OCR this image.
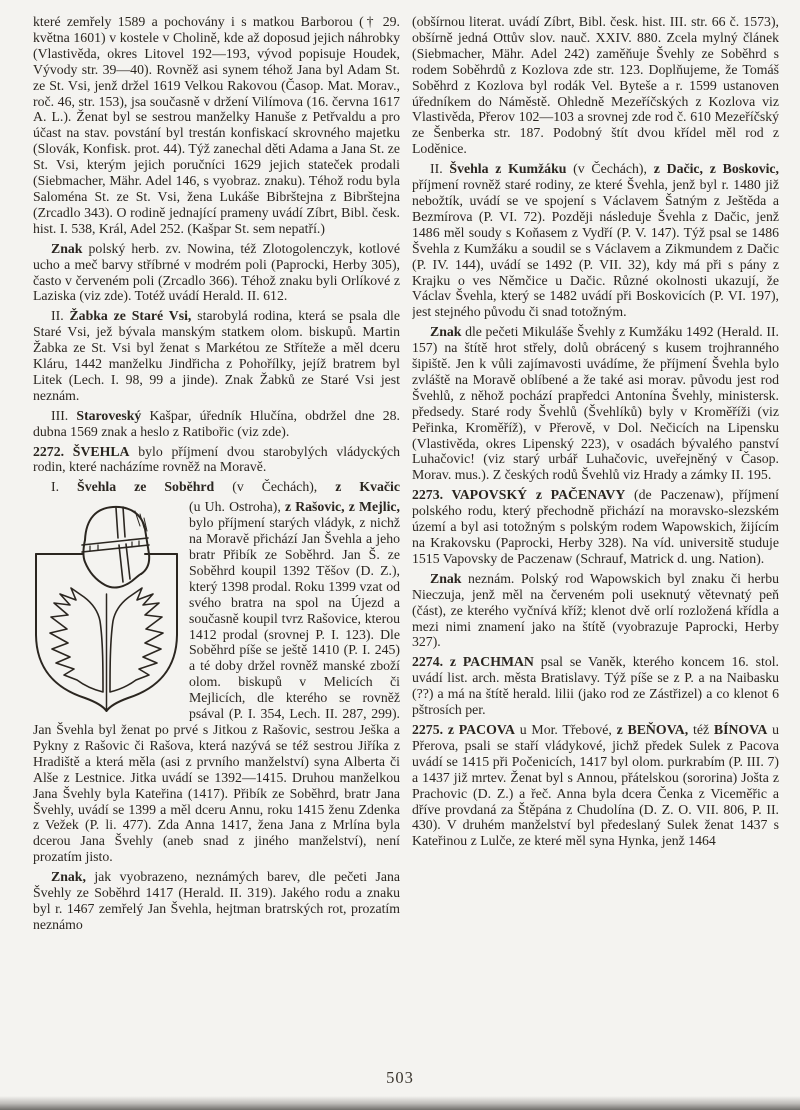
které zemřely 1589 a pochovány i s matkou Barborou († 29. května 1601) v kostele v Cholině, kde až doposud jejich náhrobky (Vlastivěda, okres Litovel 192—193, vývod popisuje Houdek, Vývody str. 39—40). Rovněž asi synem téhož Jana byl Adam St. ze St. Vsi, jenž držel 1619 Velkou Rakovou (Časop. Mat. Morav., roč. 46, str. 153), jsa současně v držení Vilímova (16. června 1617 A. L.). Ženat byl se sestrou manželky Hanuše z Petřvaldu a pro účast na stav. povstání byl trestán konfiskací skrovného majetku (Slovák, Konfisk. prot. 44). Týž zanechal děti Adama a Jana St. ze St. Vsi, kterým jejich poručníci 1629 jejich stateček prodali (Siebmacher, Mähr. Adel 146, s vyobraz. znaku). Téhož rodu byla Saloména St. ze St. Vsi, žena Lukáše Bibrštejna z Bibrštejna (Zrcadlo 343). O rodině jednající prameny uvádí Zíbrt, Bibl. česk. hist. I. 538, Král, Adel 252. (Kašpar St. sem nepatří.)

Znak polský herb. zv. Nowina, též Zlotogolenczyk, kotlové ucho a meč barvy stříbrné v modrém poli (Paprocki, Herby 305), často v červeném poli (Zrcadlo 366). Téhož znaku byli Orlíkové z Laziska (viz zde). Totéž uvádí Herald. II. 612.

II. Žabka ze Staré Vsi, starobylá rodina, která se psala dle Staré Vsi, jež bývala manským statkem olom. biskupů. Martin Žabka ze St. Vsi byl ženat s Markétou ze Stříteže a měl dceru Kláru, 1442 manželku Jindřicha z Pohořílky, jejíž bratrem byl Litek (Lech. I. 98, 99 a jinde). Znak Žabků ze Staré Vsi jest neznám.

III. Staroveský Kašpar, úředník Hlučína, obdržel dne 28. dubna 1569 znak a heslo z Ratibořic (viz zde).

2272. ŠVEHLA bylo příjmení dvou starobylých vládyckých rodin, které nacházíme rovněž na Moravě.

I. Švehla ze Soběhrd (v Čechách), z Kvačic

(u Uh. Ostroha), z Rašovic, z Mejlic, bylo příjmení starých vládyk, z nichž na Moravě přichází Jan Švehla a jeho bratr Přibík ze Soběhrd. Jan Š. ze Soběhrd koupil 1392 Těšov (D. Z.), který 1398 prodal. Roku 1399 vzat od svého bratra na spol na Újezd a současně koupil tvrz Rašovice, kterou 1412 prodal (srovnej P. I. 123). Dle Soběhrd píše se ještě 1410 (P. I. 245) a té doby držel rovněž manské zboží olom. biskupů v Melicích či Mejlicích, dle kterého se rovněž psával (P. I. 354, Lech. II. 287, 299). Jan Švehla byl ženat po prvé s Jitkou z Rašovic, sestrou Ješka a Pykny z Rašovic či Rašova, která nazývá se též sestrou Jiříka z Hradiště a která měla (asi z prvního manželství) syna Alberta či Alše z Lestnice. Jitka uvádí se 1392—1415. Druhou manželkou Jana Švehly byla Kateřina (1417). Přibík ze Soběhrd, bratr Jana Švehly, uvádí se 1399 a měl dceru Annu, roku 1415 ženu Zdenka z Vežek (P. li. 477). Zda Anna 1417, žena Jana z Mrlína byla dcerou Jana Švehly (aneb snad z jiného manželství), není prozatím jisto.

Znak, jak vyobrazeno, neznámých barev, dle pečeti Jana Švehly ze Soběhrd 1417 (Herald. II. 319). Jakého rodu a znaku byl r. 1467 zemřelý Jan Švehla, hejtman bratrských rot, prozatím neznámo

(obšírnou literat. uvádí Zíbrt, Bibl. česk. hist. III. str. 66 č. 1573), obšírně jedná Ottův slov. nauč. XXIV. 880. Zcela mylný článek (Siebmacher, Mähr. Adel 242) zaměňuje Švehly ze Soběhrd s rodem Soběhrdů z Kozlova zde str. 123. Doplňujeme, že Tomáš Soběhrd z Kozlova byl rodák Vel. Byteše a r. 1599 ustanoven úředníkem do Náměstě. Ohledně Mezeříčských z Kozlova viz Vlastivěda, Přerov 102—103 a srovnej zde rod č. 610 Mezeříčský ze Šenberka str. 187. Podobný štít dvou křídel měl rod z Loděnice.

II. Švehla z Kumžáku (v Čechách), z Dačic, z Boskovic, příjmení rovněž staré rodiny, ze které Švehla, jenž byl r. 1480 již nebožtík, uvádí se ve spojení s Václavem Šatným z Ještěda a Bezmírova (P. VI. 72). Později následuje Švehla z Dačic, jenž 1486 měl soudy s Koňasem z Vydří (P. V. 147). Týž psal se 1486 Švehla z Kumžáku a soudil se s Václavem a Zikmundem z Dačic (P. IV. 144), uvádí se 1492 (P. VII. 32), kdy má při s pány z Krajku o ves Němčice u Dačic. Různé okolnosti ukazují, že Václav Švehla, který se 1482 uvádí při Boskovicích (P. VI. 197), jest stejného původu či snad totožným.

Znak dle pečeti Mikuláše Švehly z Kumžáku 1492 (Herald. II. 157) na štítě hrot střely, dolů obrácený s kusem trojhranného šipiště. Jen k vůli zajímavosti uvádíme, že příjmení Švehla bylo zvláště na Moravě oblíbené a že také asi morav. původu jest rod Švehlů, z něhož pochází prapředci Antonína Švehly, ministersk. předsedy. Staré rody Švehlů (Švehlíků) byly v Kroměříži (viz Peřinka, Kroměříž), v Přerově, v Dol. Nečicích na Lipensku (Vlastivěda, okres Lipenský 223), v osadách bývalého panství Luhačovic! (viz starý urbář Luhačovic, uveřejněný v Časop. Morav. mus.). Z českých rodů Švehlů viz Hrady a zámky II. 195.

2273. VAPOVSKÝ z PAČENAVY (de Paczenaw), příjmení polského rodu, který přechodně přichází na moravsko-slezském území a byl asi totožným s polským rodem Wapowskich, žijícím na Krakovsku (Paprocki, Herby 328). Na víd. universitě studuje 1515 Vapovsky de Paczenaw (Schrauf, Matrick d. ung. Nation).

Znak neznám. Polský rod Wapowskich byl znaku či herbu Nieczuja, jenž měl na červeném poli useknutý větevnatý peň (část), ze kterého vyčnívá kříž; klenot dvě orlí rozložená křídla a mezi nimi znamení jako na štítě (vyobrazuje Paprocki, Herby 327).

2274. z PACHMAN psal se Vaněk, kterého koncem 16. stol. uvádí list. arch. města Bratislavy. Týž píše se z P. a na Naibasku (??) a má na štítě herald. lilii (jako rod ze Zástřizel) a co klenot 6 pštrosích per.

2275. z PACOVA u Mor. Třebové, z BEŇOVA, též BÍNOVA u Přerova, psali se staří vládykové, jichž předek Sulek z Pacova uvádí se 1415 při Počenicích, 1417 byl olom. purkrabím (P. III. 7) a 1437 již mrtev. Ženat byl s Annou, přátelskou (sororina) Jošta z Prachovic (D. Z.) a řeč. Anna byla dcera Čenka z Viceměřic a dříve provdaná za Štěpána z Chudolína (D. Z. O. VII. 806, P. II. 430). V druhém manželství byl předeslaný Sulek ženat 1437 s Kateřinou z Lulče, ze které měl syna Hynka, jenž 1464

503
